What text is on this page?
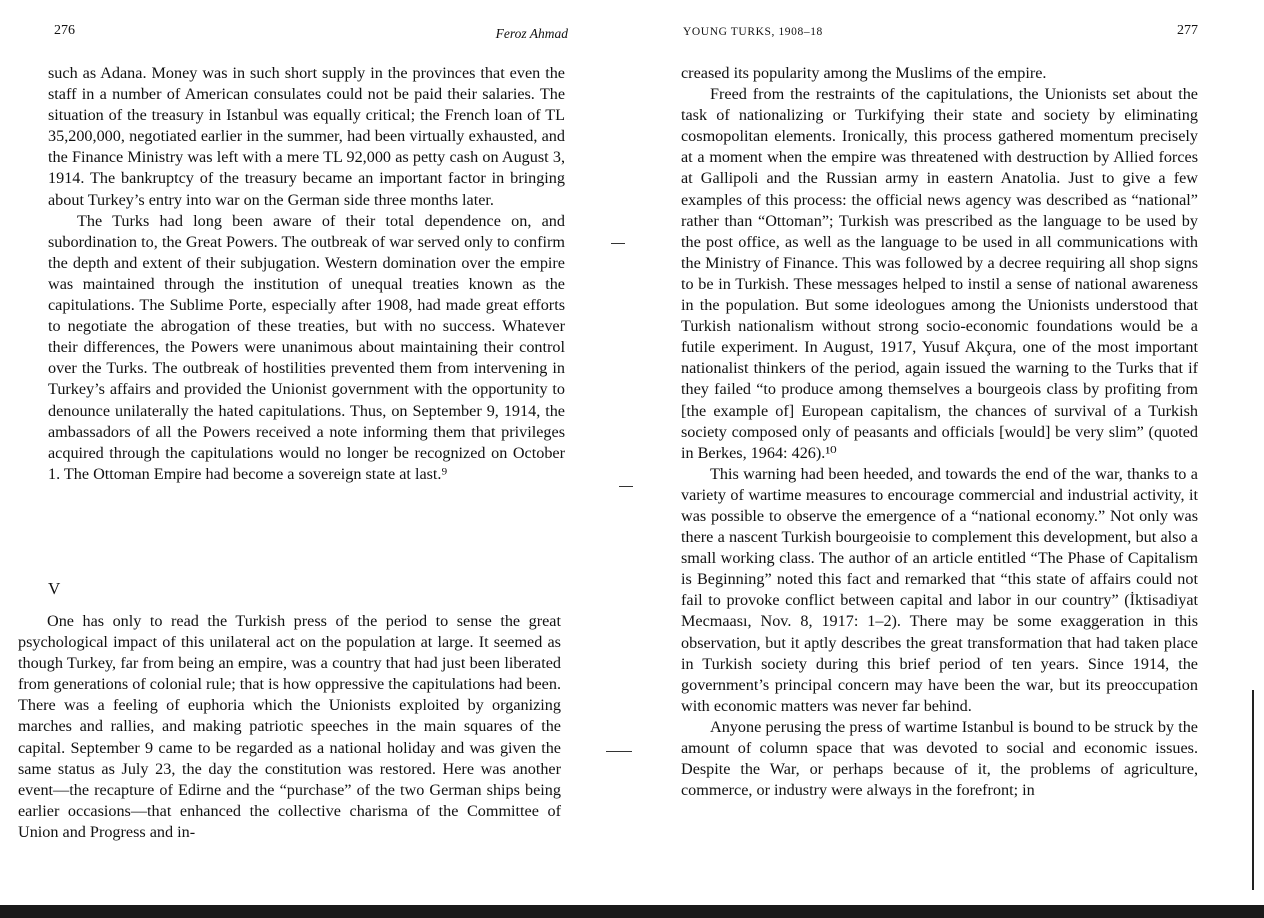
276	Feroz Ahmad

such as Adana. Money was in such short supply in the provinces that even the staff in a number of American consulates could not be paid their salaries. The situation of the treasury in Istanbul was equally critical; the French loan of TL 35,200,000, negotiated earlier in the summer, had been virtually exhausted, and the Finance Ministry was left with a mere TL 92,000 as petty cash on August 3, 1914. The bankruptcy of the treasury became an important factor in bringing about Turkey’s entry into war on the German side three months later.

The Turks had long been aware of their total dependence on, and subordination to, the Great Powers. The outbreak of war served only to confirm the depth and extent of their subjugation. Western domination over the empire was maintained through the institution of unequal treaties known as the capitulations. The Sublime Porte, especially after 1908, had made great efforts to negotiate the abrogation of these treaties, but with no success. Whatever their differences, the Powers were unanimous about maintaining their control over the Turks. The outbreak of hostilities prevented them from intervening in Turkey’s affairs and provided the Unionist government with the opportunity to denounce unilaterally the hated capitulations. Thus, on September 9, 1914, the ambassadors of all the Powers received a note informing them that privileges acquired through the capitulations would no longer be recognized on October 1. The Ottoman Empire had become a sovereign state at last.⁹

V

One has only to read the Turkish press of the period to sense the great psychological impact of this unilateral act on the population at large. It seemed as though Turkey, far from being an empire, was a country that had just been liberated from generations of colonial rule; that is how oppressive the capitulations had been. There was a feeling of euphoria which the Unionists exploited by organizing marches and rallies, and making patriotic speeches in the main squares of the capital. September 9 came to be regarded as a national holiday and was given the same status as July 23, the day the constitution was restored. Here was another event—the recapture of Edirne and the “purchase” of the two German ships being earlier occasions—that enhanced the collective charisma of the Committee of Union and Progress and in-

YOUNG TURKS, 1908–18	277

creased its popularity among the Muslims of the empire.

Freed from the restraints of the capitulations, the Unionists set about the task of nationalizing or Turkifying their state and society by eliminating cosmopolitan elements. Ironically, this process gathered momentum precisely at a moment when the empire was threatened with destruction by Allied forces at Gallipoli and the Russian army in eastern Anatolia. Just to give a few examples of this process: the official news agency was described as “national” rather than “Ottoman”; Turkish was prescribed as the language to be used by the post office, as well as the language to be used in all communications with the Ministry of Finance. This was followed by a decree requiring all shop signs to be in Turkish. These messages helped to instil a sense of national awareness in the population. But some ideologues among the Unionists understood that Turkish nationalism without strong socio-economic foundations would be a futile experiment. In August, 1917, Yusuf Akçura, one of the most important nationalist thinkers of the period, again issued the warning to the Turks that if they failed “to produce among themselves a bourgeois class by profiting from [the example of] European capitalism, the chances of survival of a Turkish society composed only of peasants and officials [would] be very slim” (quoted in Berkes, 1964: 426).¹⁰

This warning had been heeded, and towards the end of the war, thanks to a variety of wartime measures to encourage commercial and industrial activity, it was possible to observe the emergence of a “national economy.” Not only was there a nascent Turkish bourgeoisie to complement this development, but also a small working class. The author of an article entitled “The Phase of Capitalism is Beginning” noted this fact and remarked that “this state of affairs could not fail to provoke conflict between capital and labor in our country” (İktisadiyat Mecmaası, Nov. 8, 1917: 1–2). There may be some exaggeration in this observation, but it aptly describes the great transformation that had taken place in Turkish society during this brief period of ten years. Since 1914, the government’s principal concern may have been the war, but its preoccupation with economic matters was never far behind.

Anyone perusing the press of wartime Istanbul is bound to be struck by the amount of column space that was devoted to social and economic issues. Despite the War, or perhaps because of it, the problems of agriculture, commerce, or industry were always in the forefront; in
